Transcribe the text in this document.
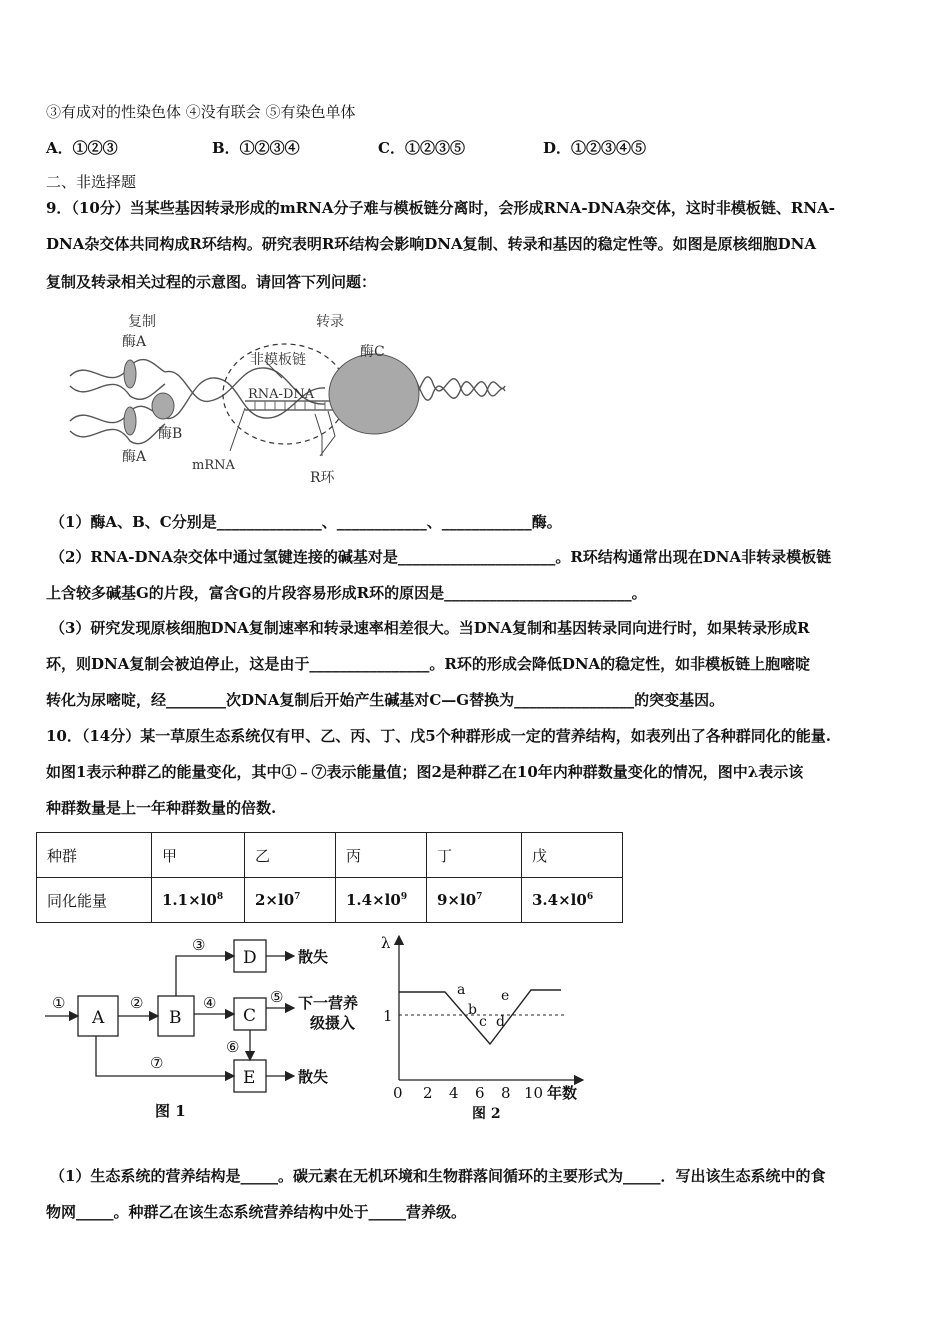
③有成对的性染色体 ④没有联会 ⑤有染色单体
A．①②③	B．①②③④	C．①②③⑤	D．①②③④⑤
二、非选择题
9．（10分）当某些基因转录形成的mRNA分子难与模板链分离时，会形成RNA-DNA杂交体，这时非模板链、RNA-
DNA杂交体共同构成R环结构。研究表明R环结构会影响DNA复制、转录和基因的稳定性等。如图是原核细胞DNA
复制及转录相关过程的示意图。请回答下列问题：
复制	转录
酶A
酶A
酶B
酶C
非模板链
RNA-DNA
mRNA
R环
（1）酶A、B、C分别是______________、____________、____________酶。
（2）RNA-DNA杂交体中通过氢键连接的碱基对是_____________________。R环结构通常出现在DNA非转录模板链
上含较多碱基G的片段，富含G的片段容易形成R环的原因是_________________________。
（3）研究发现原核细胞DNA复制速率和转录速率相差很大。当DNA复制和基因转录同向进行时，如果转录形成R
环，则DNA复制会被迫停止，这是由于________________。R环的形成会降低DNA的稳定性，如非模板链上胞嘧啶
转化为尿嘧啶，经________次DNA复制后开始产生碱基对C—G替换为________________的突变基因。
10．（14分）某一草原生态系统仅有甲、乙、丙、丁、戊5个种群形成一定的营养结构，如表列出了各种群同化的能量.
如图1表示种群乙的能量变化，其中①﹣⑦表示能量值；图2是种群乙在10年内种群数量变化的情况，图中λ表示该
种群数量是上一年种群数量的倍数.
种群	甲	乙	丙	丁	戊
同化能量	$1.1\times l0^8$	$2\times l0^7$	$1.4\times l0^9$	$9\times l0^7$	$3.4\times l0^6$
A	B
D
C
E
①	②
③
④	⑤
⑥
⑦
散失
下一营养
级摄入
散失
图 1
λ
1
0 2 4 6 8 10 年数
a
b
c d
e
图 2
（1）生态系统的营养结构是_____。碳元素在无机环境和生物群落间循环的主要形式为_____．写出该生态系统中的食
物网_____。种群乙在该生态系统营养结构中处于_____营养级。
